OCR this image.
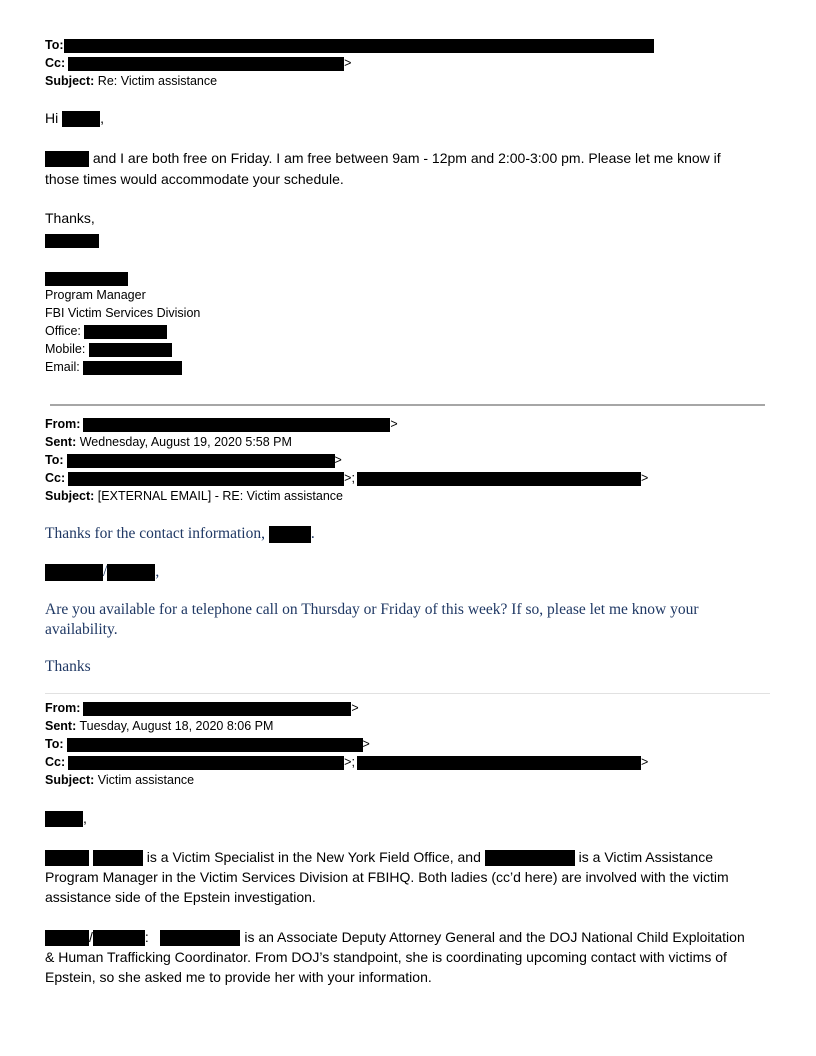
To:
Cc:	>
Subject: Re: Victim assistance
Hi	,
and I are both free on Friday. I am free between 9am - 12pm and 2:00-3:00 pm. Please let me know if
those times would accommodate your schedule.
Thanks,
Program Manager
FBI Victim Services Division
Office:
Mobile:
Email:
From:	>
Sent: Wednesday, August 19, 2020 5:58 PM
To:	>
Cc:	>;	>
Subject: [EXTERNAL EMAIL] - RE: Victim assistance
Thanks for the contact information,	.
/	,
Are you available for a telephone call on Thursday or Friday of this week? If so, please let me know your
availability.
Thanks
From:	>
Sent: Tuesday, August 18, 2020 8:06 PM
To:	>
Cc:	>;	>
Subject: Victim assistance
,
is a Victim Specialist in the New York Field Office, and	is a Victim Assistance
Program Manager in the Victim Services Division at FBIHQ. Both ladies (cc’d here) are involved with the victim
assistance side of the Epstein investigation.
/	:	is an Associate Deputy Attorney General and the DOJ National Child Exploitation
& Human Trafficking Coordinator. From DOJ’s standpoint, she is coordinating upcoming contact with victims of
Epstein, so she asked me to provide her with your information.
